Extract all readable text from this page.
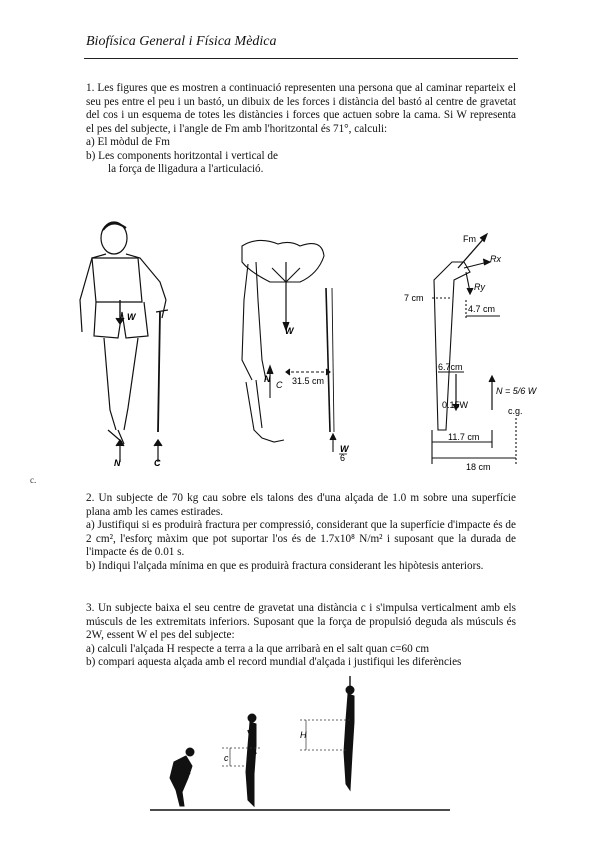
Biofísica General i Física Mèdica

1. Les figures que es mostren a continuació representen una persona que al caminar reparteix el seu pes entre el peu i un bastó, un dibuix de les forces i distància del bastó al centre de gravetat del cos i un esquema de totes les distàncies i forces que actuen sobre la cama. Si W representa el pes del subjecte, i l'angle de Fm amb l'horitzontal és 71°, calculi:

a) El mòdul de Fm

b) Les components horitzontal i vertical de

la força de lligadura a l'articulació.

W
N	C
W
N
C 31.5 cm
W
6
Fm
Rx
Ry
7 cm
4.7 cm
6.7cm
0.15W
N = 5/6 W
c.g.
11.7 cm
18 cm
c.

2. Un subjecte de 70 kg cau sobre els talons des d'una alçada de 1.0 m sobre una superfície plana amb les cames estirades.

a) Justifiqui si es produirà fractura per compressió, considerant que la superfície d'impacte és de 2 cm², l'esforç màxim que pot suportar l'os és de 1.7x10⁸ N/m² i suposant que la durada de l'impacte és de 0.01 s.

b) Indiqui l'alçada mínima en que es produirà fractura considerant les hipòtesis anteriors.

3. Un subjecte baixa el seu centre de gravetat una distància c i s'impulsa verticalment amb els músculs de les extremitats inferiors. Suposant que la força de propulsió deguda als músculs és 2W, essent W el pes del subjecte:

a) calculi l'alçada H respecte a terra a la que arribarà en el salt quan c=60 cm

b) compari aquesta alçada amb el record mundial d'alçada i justifiqui les diferències

c
H
